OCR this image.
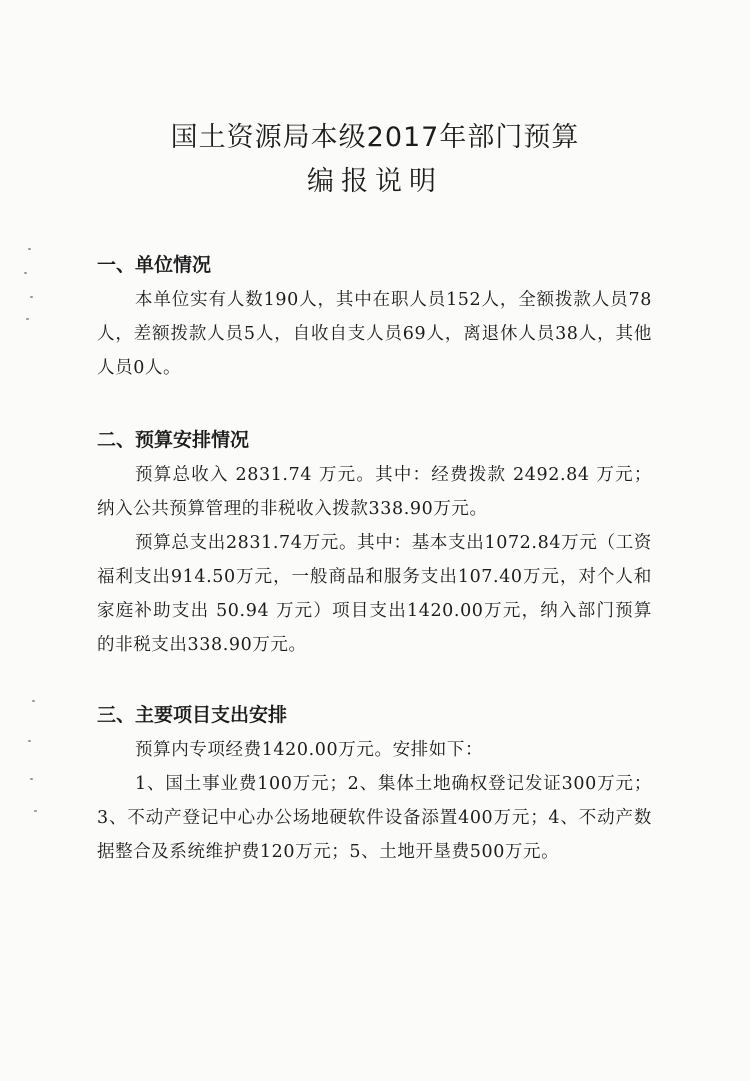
国土资源局本级2017年部门预算
编报说明
一、单位情况

本单位实有人数190人，其中在职人员152人，全额拨款人员78人，差额拨款人员5人，自收自支人员69人，离退休人员38人，其他人员0人。

二、预算安排情况

预算总收入 2831.74 万元。其中：经费拨款 2492.84 万元；纳入公共预算管理的非税收入拨款338.90万元。

预算总支出2831.74万元。其中：基本支出1072.84万元（工资福利支出914.50万元，一般商品和服务支出107.40万元，对个人和家庭补助支出 50.94 万元）项目支出1420.00万元，纳入部门预算的非税支出338.90万元。

三、主要项目支出安排

预算内专项经费1420.00万元。安排如下：

1、国土事业费100万元；2、集体土地确权登记发证300万元；3、不动产登记中心办公场地硬软件设备添置400万元；4、不动产数据整合及系统维护费120万元；5、土地开垦费500万元。
